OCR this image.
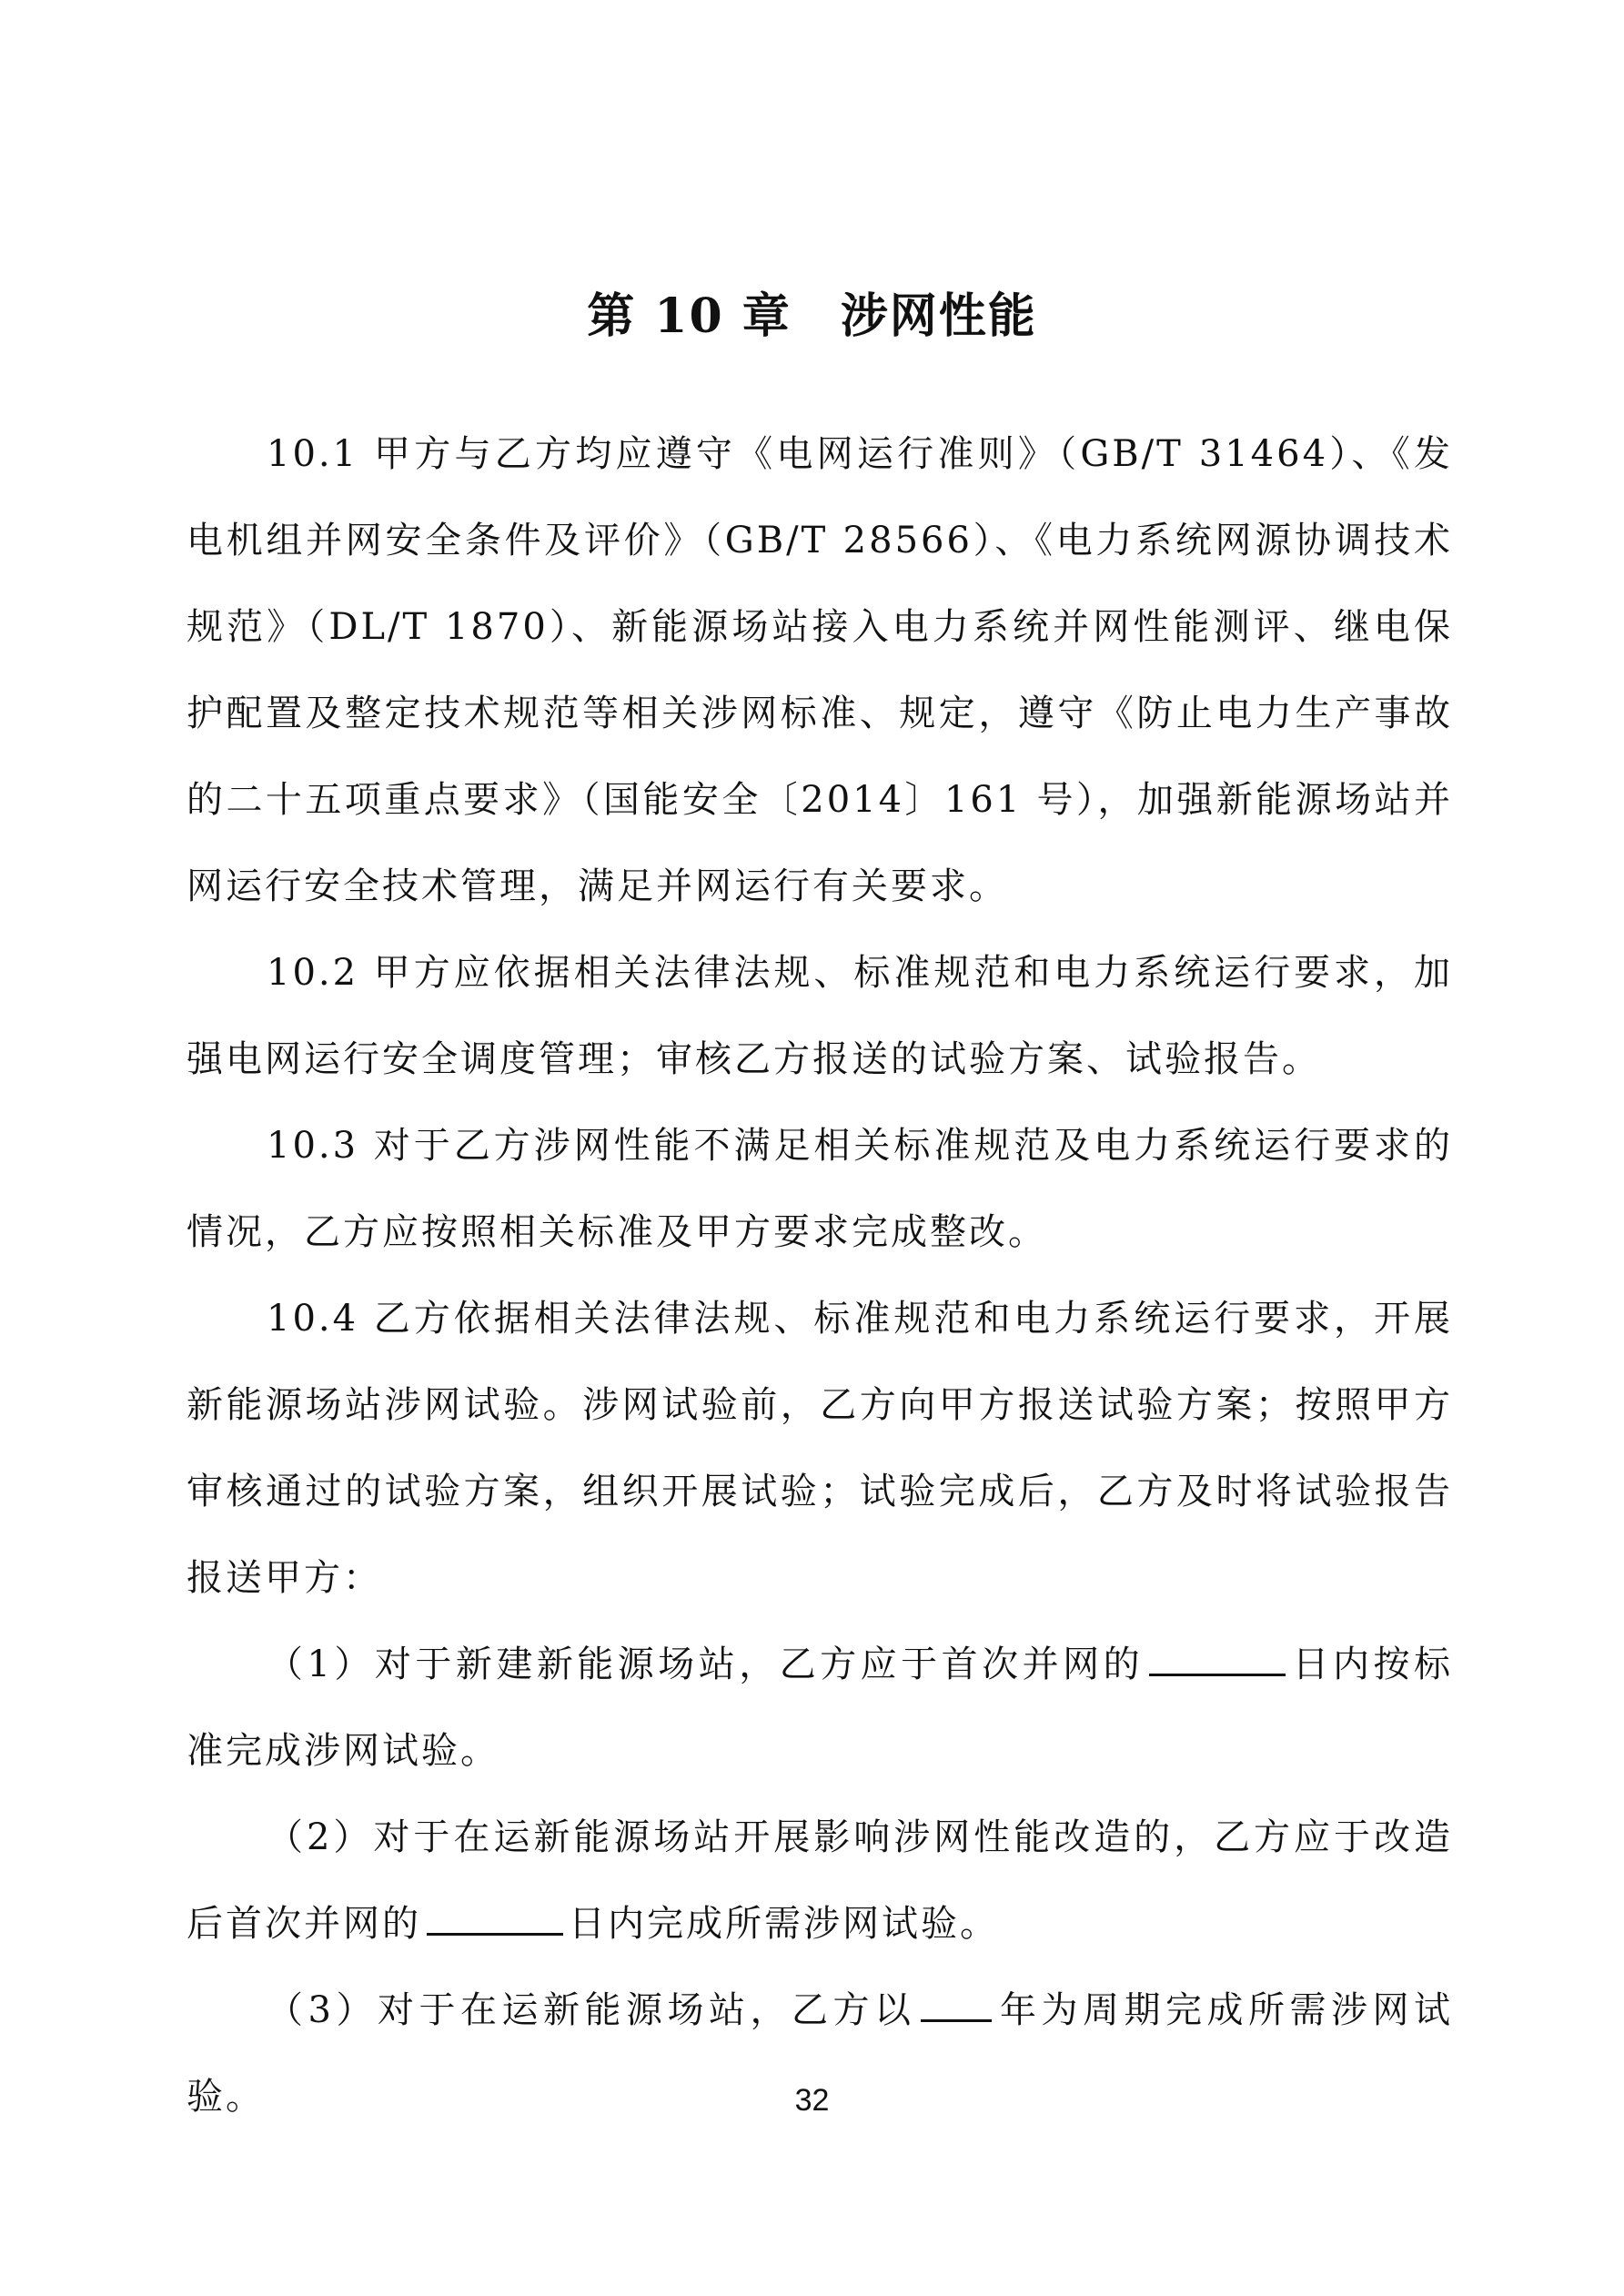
第 10 章　涉网性能

10.1 甲方与乙方均应遵守《电网运行准则》（GB/T 31464）、《发电机组并网安全条件及评价》（GB/T 28566）、《电力系统网源协调技术规范》（DL/T 1870）、新能源场站接入电力系统并网性能测评、继电保护配置及整定技术规范等相关涉网标准、规定，遵守《防止电力生产事故的二十五项重点要求》（国能安全〔2014〕161 号），加强新能源场站并网运行安全技术管理，满足并网运行有关要求。

10.2 甲方应依据相关法律法规、标准规范和电力系统运行要求，加强电网运行安全调度管理；审核乙方报送的试验方案、试验报告。

10.3 对于乙方涉网性能不满足相关标准规范及电力系统运行要求的情况，乙方应按照相关标准及甲方要求完成整改。

10.4 乙方依据相关法律法规、标准规范和电力系统运行要求，开展新能源场站涉网试验。涉网试验前，乙方向甲方报送试验方案；按照甲方审核通过的试验方案，组织开展试验；试验完成后，乙方及时将试验报告报送甲方：

（1）对于新建新能源场站，乙方应于首次并网的	日内按标准完成涉网试验。

（2）对于在运新能源场站开展影响涉网性能改造的，乙方应于改造后首次并网的	日内完成所需涉网试验。

（3）对于在运新能源场站，乙方以 年为周期完成所需涉网试验。	32
